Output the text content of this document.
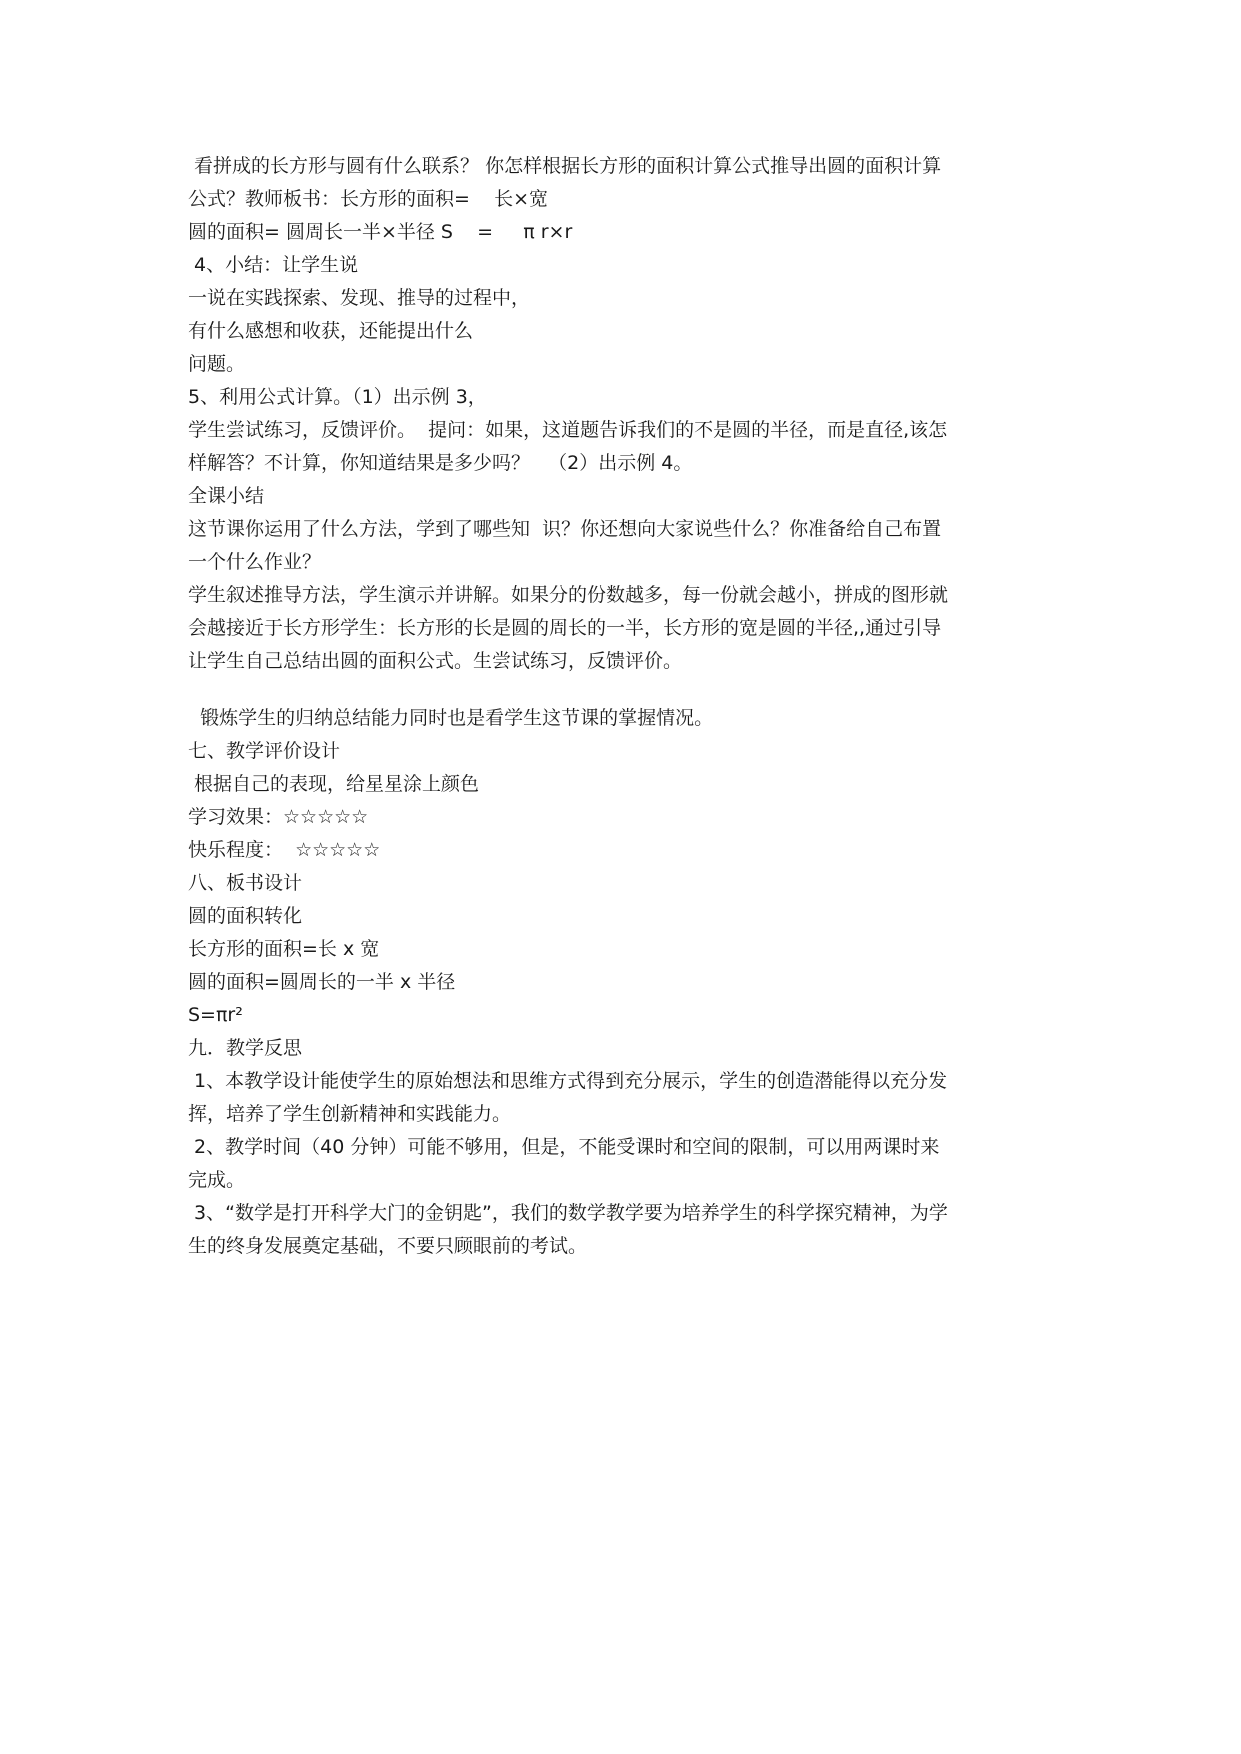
看拼成的长方形与圆有什么联系？ 你怎样根据长方形的面积计算公式推导出圆的面积计算
公式？教师板书：长方形的面积=    长×宽
圆的面积= 圆周长一半×半径 S    =     π r×r
4、小结：让学生说
一说在实践探索、发现、推导的过程中，
有什么感想和收获，还能提出什么
问题。
5、利用公式计算。（1）出示例 3，
学生尝试练习，反馈评价。  提问：如果，这道题告诉我们的不是圆的半径，而是直径,该怎
样解答？不计算，你知道结果是多少吗？   （2）出示例 4。
全课小结
这节课你运用了什么方法，学到了哪些知  识？你还想向大家说些什么？你准备给自己布置
一个什么作业？
学生叙述推导方法，学生演示并讲解。如果分的份数越多，每一份就会越小，拼成的图形就
会越接近于长方形学生：长方形的长是圆的周长的一半，长方形的宽是圆的半径,,通过引导
让学生自己总结出圆的面积公式。生尝试练习，反馈评价。
锻炼学生的归纳总结能力同时也是看学生这节课的掌握情况。
七、教学评价设计
根据自己的表现，给星星涂上颜色
学习效果：☆☆☆☆☆
快乐程度：  ☆☆☆☆☆
八、板书设计
圆的面积转化
长方形的面积=长 x 宽
圆的面积=圆周长的一半 x 半径
S=πr²
九．教学反思
1、本教学设计能使学生的原始想法和思维方式得到充分展示，学生的创造潜能得以充分发
挥，培养了学生创新精神和实践能力。
2、教学时间（40 分钟）可能不够用，但是，不能受课时和空间的限制，可以用两课时来
完成。
3、“数学是打开科学大门的金钥匙”，我们的数学教学要为培养学生的科学探究精神，为学
生的终身发展奠定基础，不要只顾眼前的考试。
